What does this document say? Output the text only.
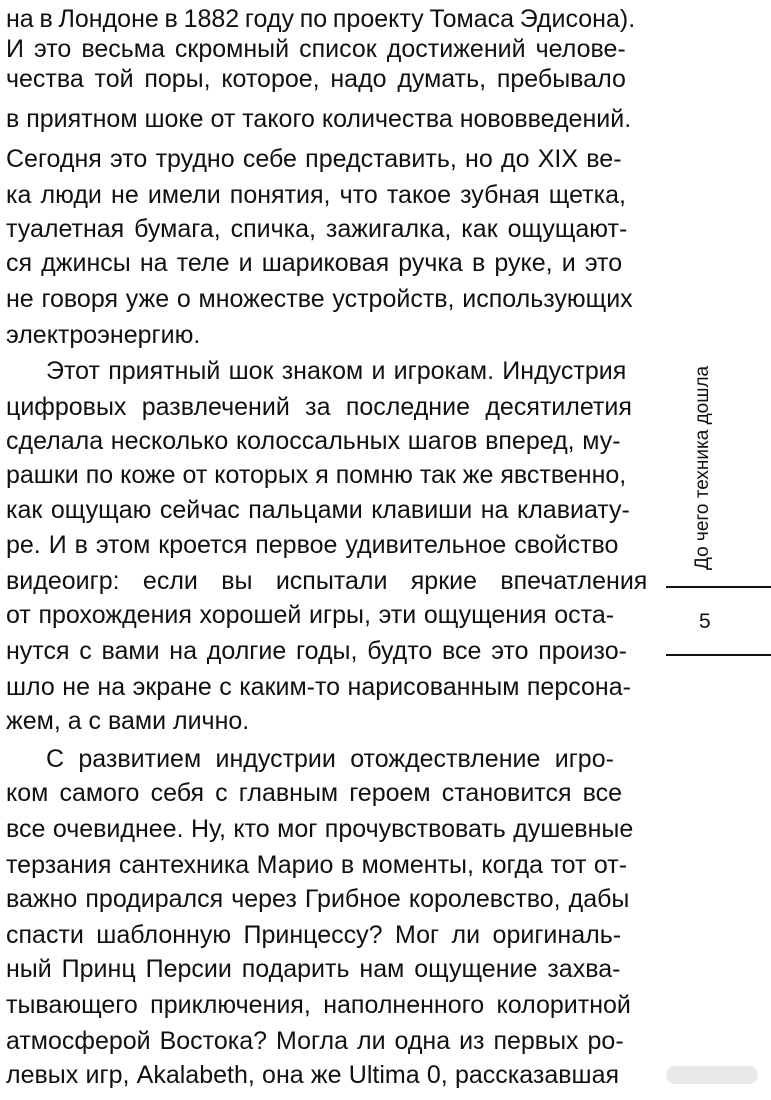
на в Лондоне в 1882 году по проекту Томаса Эдисона).
И это весьма скромный список достижений челове-
чества той поры, которое, надо думать, пребывало
в приятном шоке от такого количества нововведений.
Сегодня это трудно себе представить, но до XIX ве-
ка люди не имели понятия, что такое зубная щетка,
туалетная бумага, спичка, зажигалка, как ощущают-
ся джинсы на теле и шариковая ручка в руке, и это
не говоря уже о множестве устройств, использующих
электроэнергию.
Этот приятный шок знаком и игрокам. Индустрия
цифровых развлечений за последние десятилетия
сделала несколько колоссальных шагов вперед, му-
рашки по коже от которых я помню так же явственно,
как ощущаю сейчас пальцами клавиши на клавиату-
ре. И в этом кроется первое удивительное свойство
видеоигр: если вы испытали яркие впечатления
от прохождения хорошей игры, эти ощущения оста-
нутся с вами на долгие годы, будто все это произо-
шло не на экране с каким-то нарисованным персона-
жем, а с вами лично.
С развитием индустрии отождествление игро-
ком самого себя с главным героем становится все
все очевиднее. Ну, кто мог прочувствовать душевные
терзания сантехника Марио в моменты, когда тот от-
важно продирался через Грибное королевство, дабы
спасти шаблонную Принцессу? Мог ли оригиналь-
ный Принц Персии подарить нам ощущение захва-
тывающего приключения, наполненного колоритной
атмосферой Востока? Могла ли одна из первых ро-
левых игр, Akalabeth, она же Ultima 0, рассказавшая
До чего техника дошла
5
